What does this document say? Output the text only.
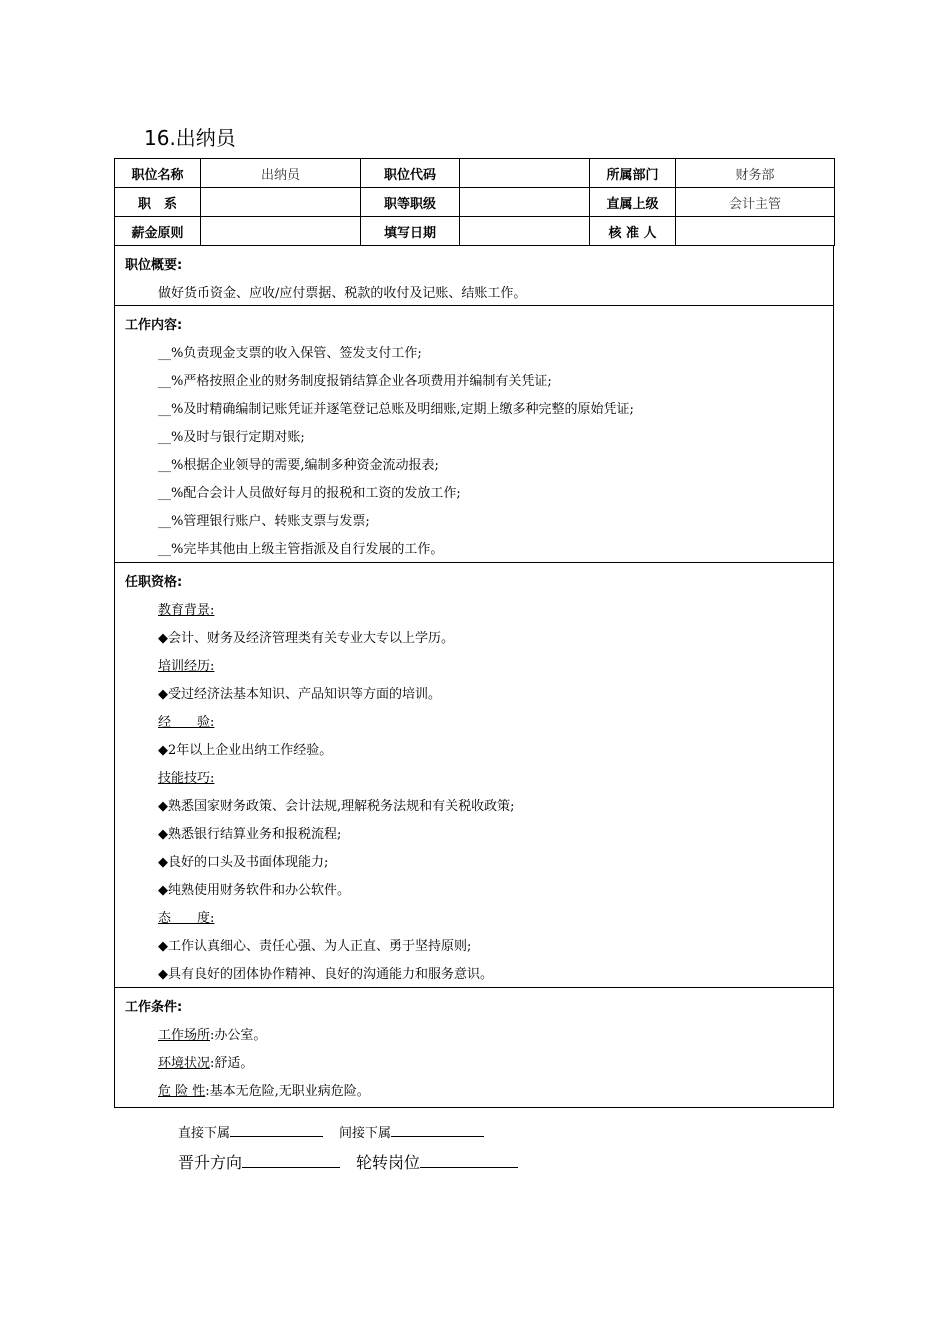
16.出纳员
职位名称	出纳员	职位代码		所属部门	财务部
职　系		职等职级		直属上级	会计主管
薪金原则		填写日期		核 准 人	
职位概要:
做好货币资金、应收/应付票据、税款的收付及记账、结账工作。
工作内容:
__%负责现金支票的收入保管、签发支付工作;
__%严格按照企业的财务制度报销结算企业各项费用并编制有关凭证;
__%及时精确编制记账凭证并逐笔登记总账及明细账,定期上缴多种完整的原始凭证;
__%及时与银行定期对账;
__%根据企业领导的需要,编制多种资金流动报表;
__%配合会计人员做好每月的报税和工资的发放工作;
__%管理银行账户、转账支票与发票;
__%完毕其他由上级主管指派及自行发展的工作。
任职资格:
教育背景:
◆会计、财务及经济管理类有关专业大专以上学历。
培训经历:
◆受过经济法基本知识、产品知识等方面的培训。
经　　验:
◆2年以上企业出纳工作经验。
技能技巧:
◆熟悉国家财务政策、会计法规,理解税务法规和有关税收政策;
◆熟悉银行结算业务和报税流程;
◆良好的口头及书面体现能力;
◆纯熟使用财务软件和办公软件。
态　　度:
◆工作认真细心、责任心强、为人正直、勇于坚持原则;
◆具有良好的团体协作精神、良好的沟通能力和服务意识。
工作条件:
工作场所:办公室。
环境状况:舒适。
危 险 性:基本无危险,无职业病危险。
直接下属	间接下属
晋升方向	轮转岗位
